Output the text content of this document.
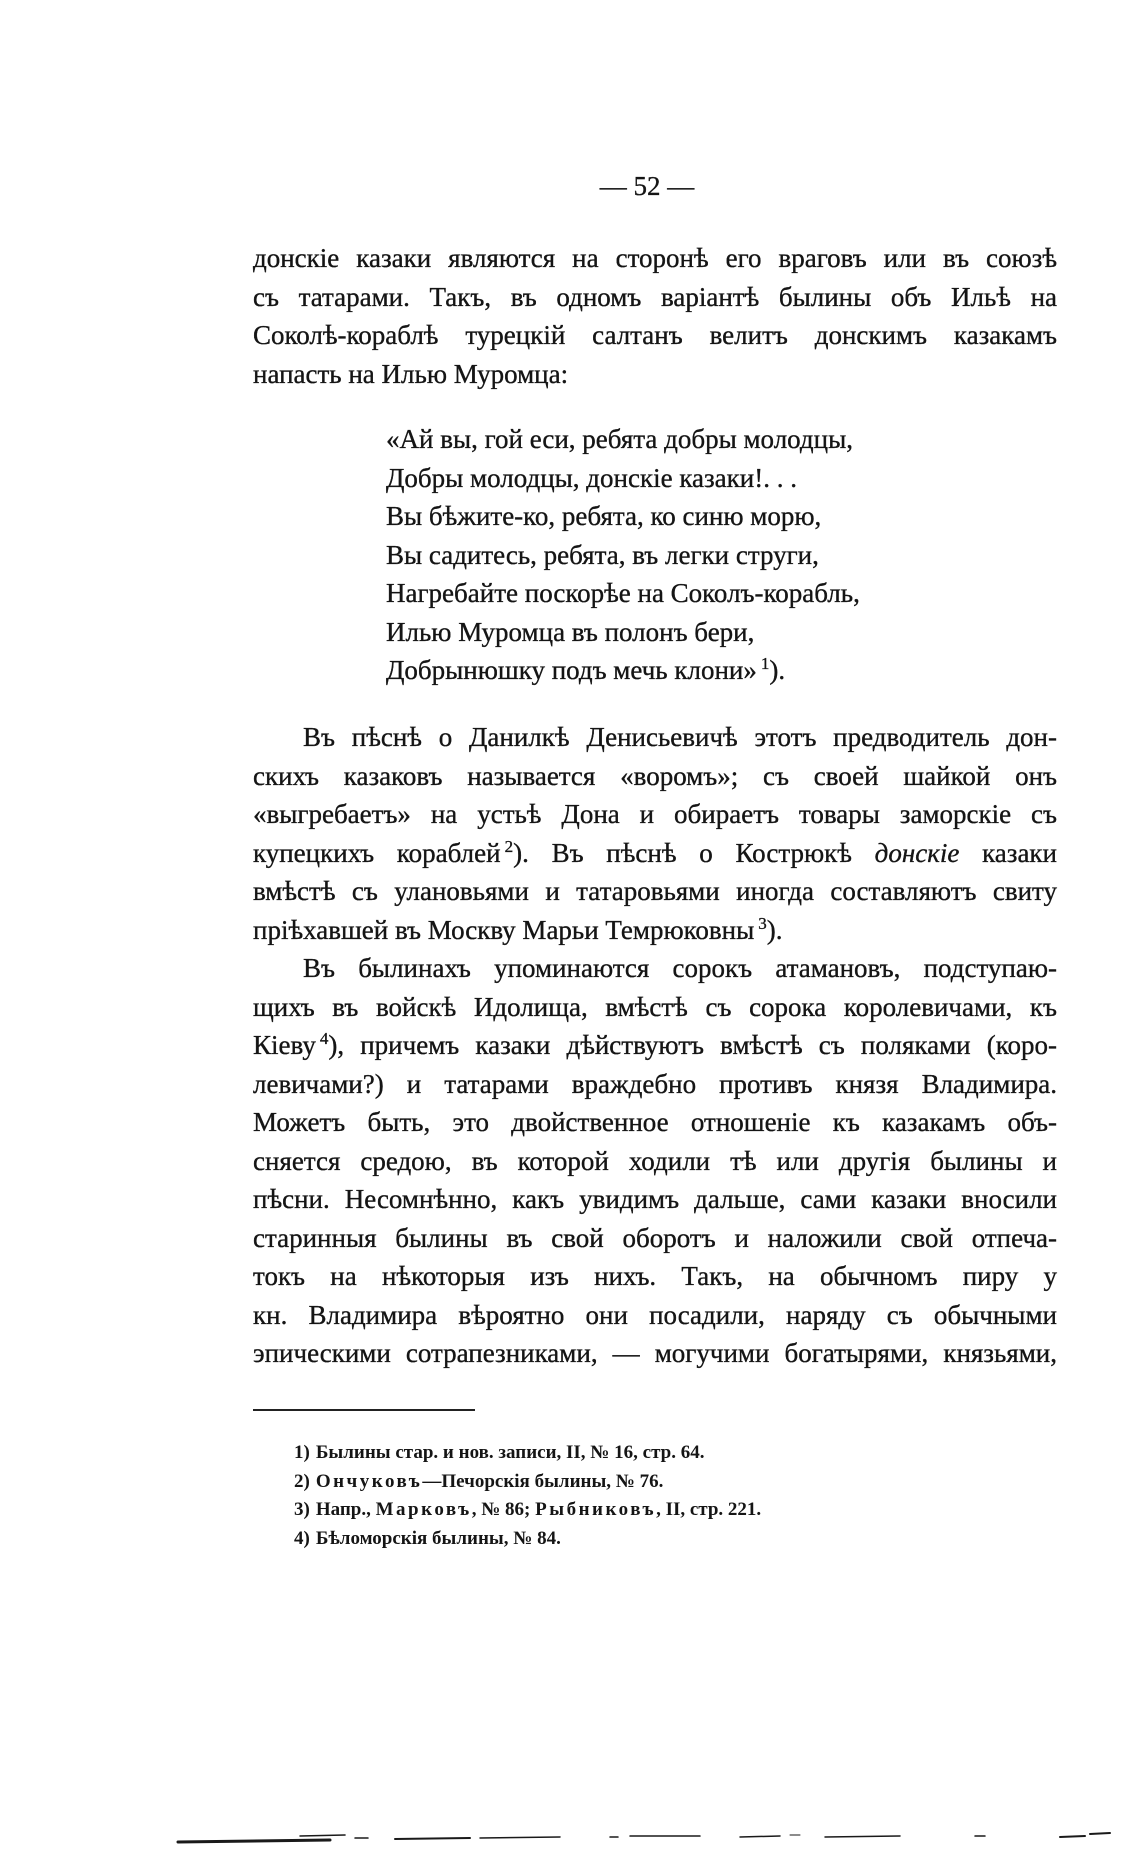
— 52 —
донскіе казаки являются на сторонѣ его враговъ или въ союзѣ
съ татарами. Такъ, въ одномъ варіантѣ былины объ Ильѣ на
Соколѣ-кораблѣ турецкій салтанъ велитъ донскимъ казакамъ
напасть на Илью Муромца:
«Ай вы, гой еси, ребята добры молодцы,
Добры молодцы, донскіе казаки!. . .
Вы бѣжите-ко, ребята, ко синю морю,
Вы садитесь, ребята, въ легки струги,
Нагребайте поскорѣе на Соколъ-корабль,
Илью Муромца въ полонъ бери,
Добрынюшку подъ мечь клони» $^1$).
Въ пѣснѣ о Данилкѣ Денисьевичѣ этотъ предводитель дон-
скихъ казаковъ называется «воромъ»; съ своей шайкой онъ
«выгребаетъ» на устьѣ Дона и обираетъ товары заморскіе съ
купецкихъ кораблей $^2$). Въ пѣснѣ о Кострюкѣ донскіе казаки
вмѣстѣ съ улановьями и татаровьями иногда составляютъ свиту
пріѣхавшей въ Москву Марьи Темрюковны $^3$).
Въ былинахъ упоминаются сорокъ атамановъ, подступаю-
щихъ въ войскѣ Идолища, вмѣстѣ съ сорока королевичами, къ
Кіеву $^4$), причемъ казаки дѣйствуютъ вмѣстѣ съ поляками (коро-
левичами?) и татарами враждебно противъ князя Владимира.
Можетъ быть, это двойственное отношеніе къ казакамъ объ-
сняется средою, въ которой ходили тѣ или другія былины и
пѣсни. Несомнѣнно, какъ увидимъ дальше, сами казаки вносили
старинныя былины въ свой оборотъ и наложили свой отпеча-
токъ на нѣкоторыя изъ нихъ. Такъ, на обычномъ пиру у
кн. Владимира вѣроятно они посадили, наряду съ обычными
эпическими сотрапезниками, — могучими богатырями, князьями,
1) Былины стар. и нов. записи, II, № 16, стр. 64.
2) Ончуковъ—Печорскія былины, № 76.
3) Напр., Марковъ, № 86; Рыбниковъ, II, стр. 221.
4) Бѣломорскія былины, № 84.
